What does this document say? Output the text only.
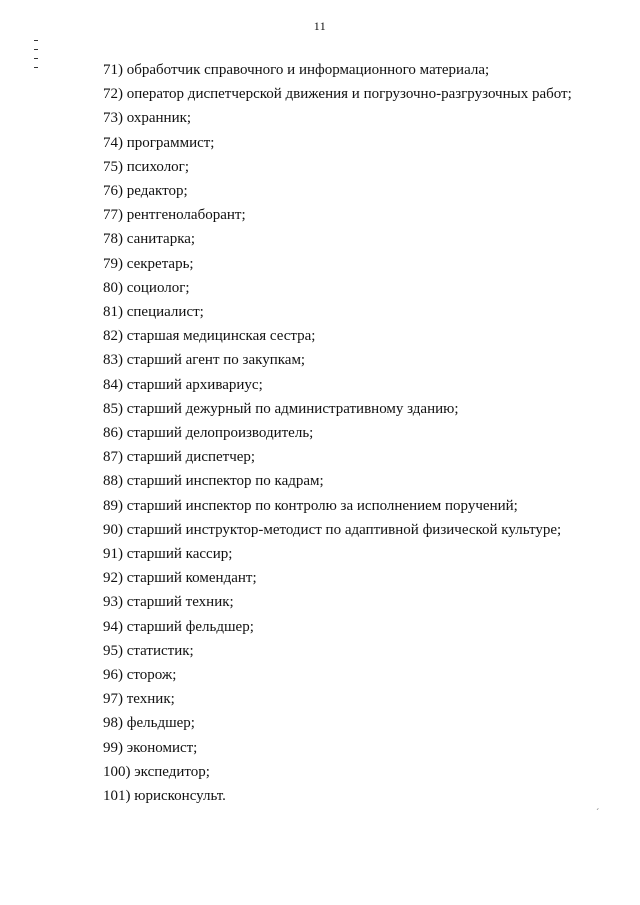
11
71) обработчик справочного и информационного материала;
72) оператор диспетчерской движения и погрузочно-разгрузочных работ;
73) охранник;
74) программист;
75) психолог;
76) редактор;
77) рентгенолаборант;
78) санитарка;
79) секретарь;
80) социолог;
81) специалист;
82) старшая медицинская сестра;
83) старший агент по закупкам;
84) старший архивариус;
85) старший дежурный по административному зданию;
86) старший делопроизводитель;
87) старший диспетчер;
88) старший инспектор по кадрам;
89) старший инспектор по контролю за исполнением поручений;
90) старший инструктор-методист по адаптивной физической культуре;
91) старший кассир;
92) старший комендант;
93) старший техник;
94) старший фельдшер;
95) статистик;
96) сторож;
97) техник;
98) фельдшер;
99) экономист;
100) экспедитор;
101) юрисконсульт.
ˊ
